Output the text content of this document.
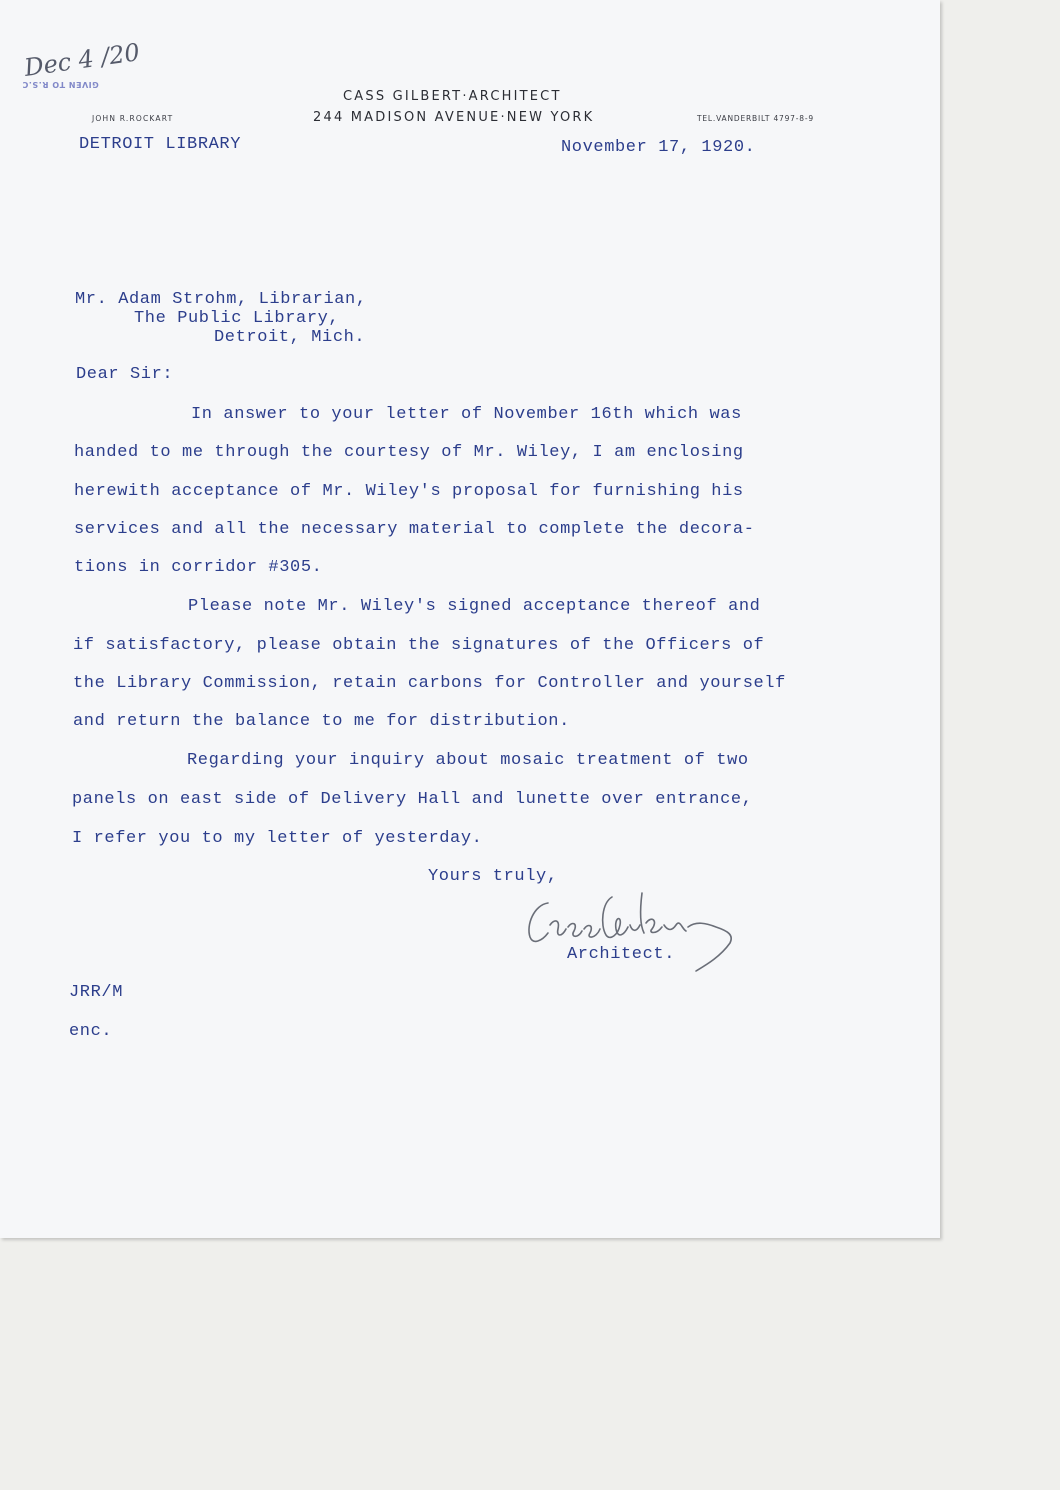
Dec 4 /20
GIVEN TO R.S.C
CASS GILBERT·ARCHITECT
244 MADISON AVENUE·NEW YORK
JOHN R.ROCKART	TEL.VANDERBILT 4797-8-9
DETROIT LIBRARY	November 17, 1920.
Mr. Adam Strohm, Librarian,
The Public Library,
Detroit, Mich.
Dear Sir:
In answer to your letter of November 16th which was
handed to me through the courtesy of Mr. Wiley, I am enclosing
herewith acceptance of Mr. Wiley's proposal for furnishing his
services and all the necessary material to complete the decora-
tions in corridor #305.
Please note Mr. Wiley's signed acceptance thereof and
if satisfactory, please obtain the signatures of the Officers of
the Library Commission, retain carbons for Controller and yourself
and return the balance to me for distribution.
Regarding your inquiry about mosaic treatment of two
panels on east side of Delivery Hall and lunette over entrance,
I refer you to my letter of yesterday.
Yours truly,
Architect.
JRR/M
enc.
